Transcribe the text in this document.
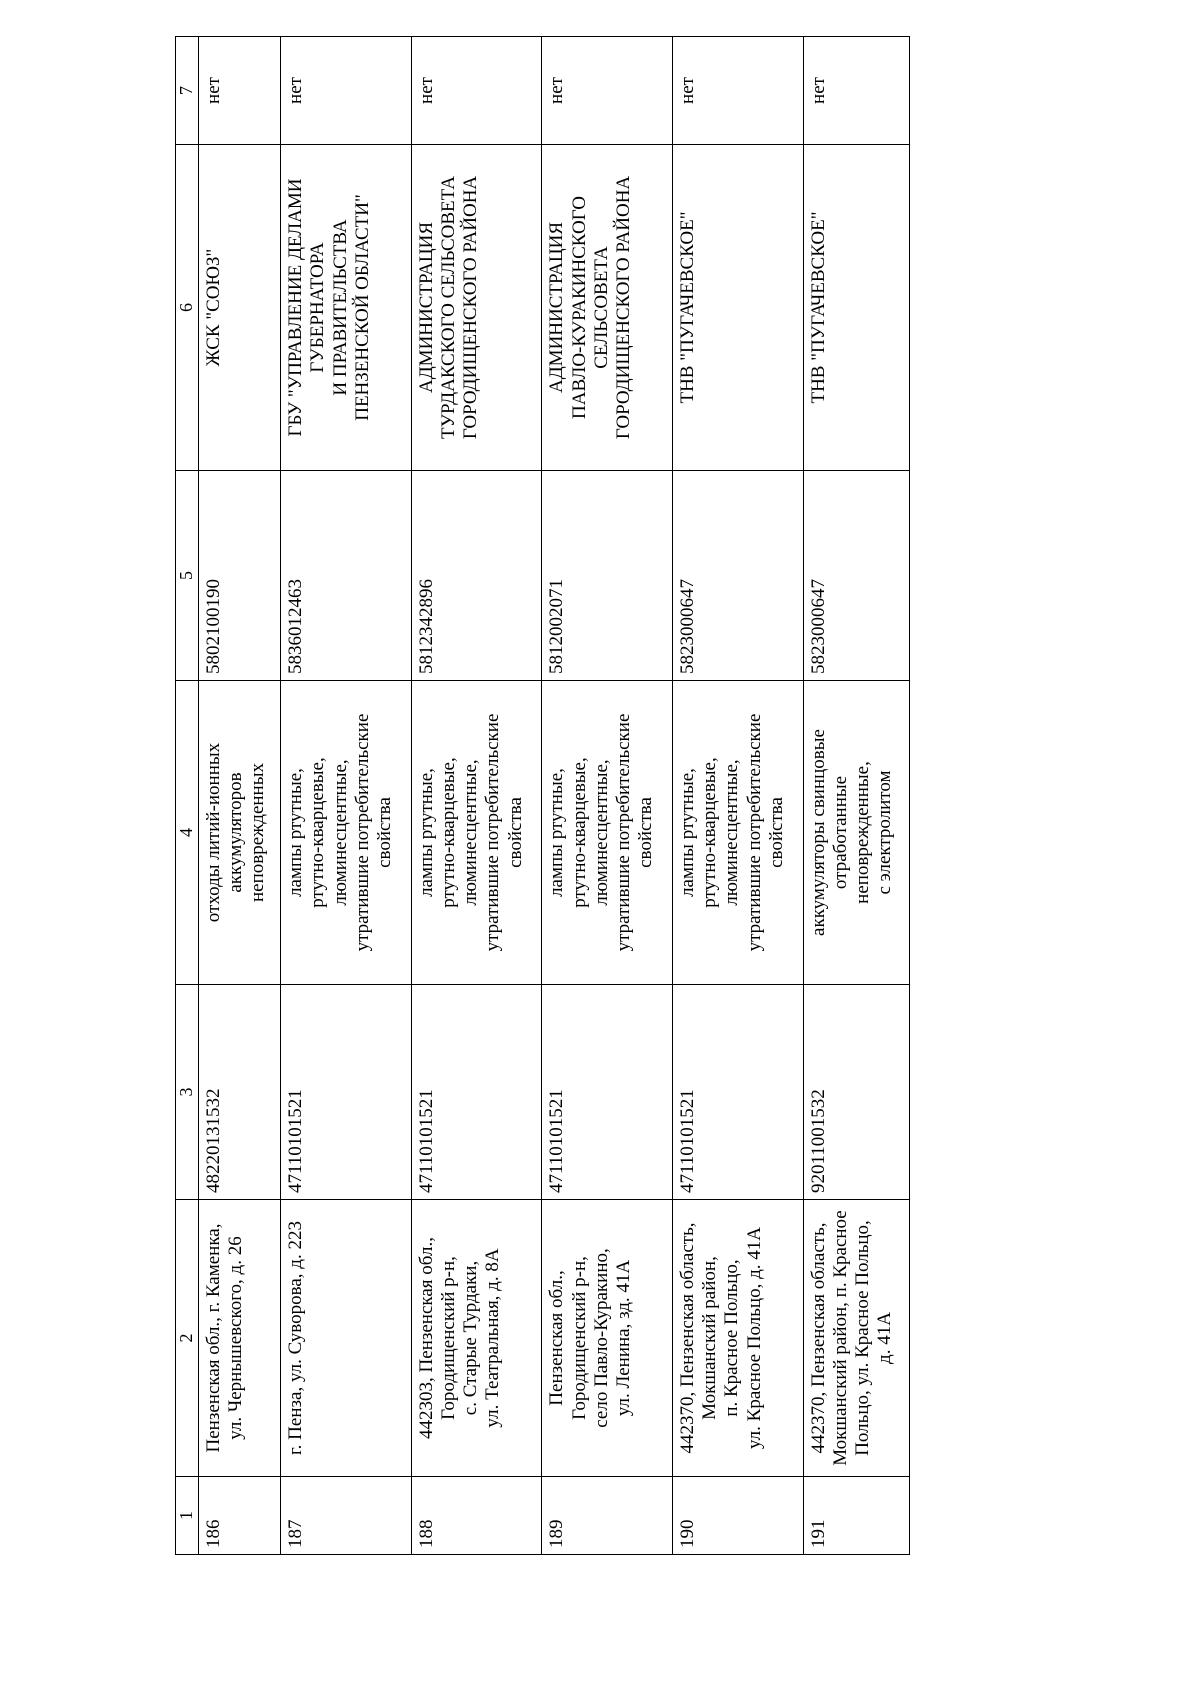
1	2	3	4	5	6	7
186	Пензенская обл., г. Каменка,
ул. Чернышевского, д. 26	48220131532	отходы литий-ионных
аккумуляторов
неповрежденных	5802100190	ЖСК "СОЮЗ"	нет
187	г. Пенза, ул. Суворова, д. 223	47110101521	лампы ртутные,
ртутно-кварцевые,
люминесцентные,
утратившие потребительские
свойства	5836012463	ГБУ "УПРАВЛЕНИЕ ДЕЛАМИ
ГУБЕРНАТОРА
И ПРАВИТЕЛЬСТВА
ПЕНЗЕНСКОЙ ОБЛАСТИ"	нет
188	442303, Пензенская обл.,
Городищенский р-н,
с. Старые Турдаки,
ул. Театральная, д. 8А	47110101521	лампы ртутные,
ртутно-кварцевые,
люминесцентные,
утратившие потребительские
свойства	5812342896	АДМИНИСТРАЦИЯ
ТУРДАКСКОГО СЕЛЬСОВЕТА
ГОРОДИЩЕНСКОГО РАЙОНА	нет
189	Пензенская обл.,
Городищенский р-н,
село Павло-Куракино,
ул. Ленина, зд. 41А	47110101521	лампы ртутные,
ртутно-кварцевые,
люминесцентные,
утратившие потребительские
свойства	5812002071	АДМИНИСТРАЦИЯ
ПАВЛО-КУРАКИНСКОГО
СЕЛЬСОВЕТА
ГОРОДИЩЕНСКОГО РАЙОНА	нет
190	442370, Пензенская область,
Мокшанский район,
п. Красное Польцо,
ул. Красное Польцо, д. 41А	47110101521	лампы ртутные,
ртутно-кварцевые,
люминесцентные,
утратившие потребительские
свойства	5823000647	ТНВ "ПУГАЧЕВСКОЕ"	нет
191	442370, Пензенская область,
Мокшанский район, п. Красное
Польцо, ул. Красное Польцо,
д. 41А	92011001532	аккумуляторы свинцовые
отработанные
неповрежденные,
с электролитом	5823000647	ТНВ "ПУГАЧЕВСКОЕ"	нет
